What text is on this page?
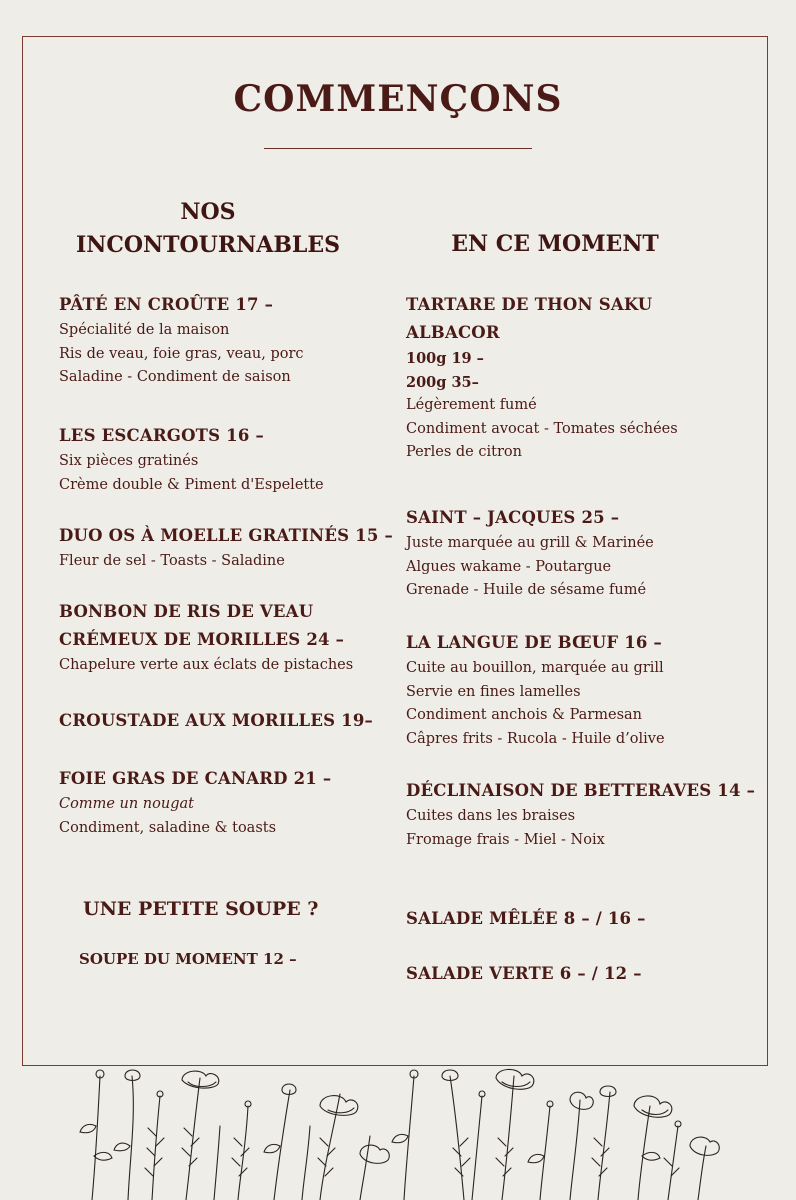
COMMENÇONS
NOS
INCONTOURNABLES
PÂTÉ EN CROÛTE 17 –
Spécialité de la maison
Ris de veau, foie gras, veau, porc
Saladine - Condiment de saison
LES ESCARGOTS 16 –
Six pièces gratinés
Crème double & Piment d'Espelette
DUO OS À MOELLE GRATINÉS 15 –
Fleur de sel - Toasts - Saladine
BONBON DE RIS DE VEAU
CRÉMEUX DE MORILLES 24 –
Chapelure verte aux éclats de pistaches
CROUSTADE AUX MORILLES 19–
FOIE GRAS DE CANARD 21 –
Comme un nougat
Condiment, saladine & toasts
UNE PETITE SOUPE ?
SOUPE DU MOMENT 12 –
EN CE MOMENT
TARTARE DE THON SAKU
ALBACOR
100g 19 –
200g 35–
Légèrement fumé
Condiment avocat - Tomates séchées
Perles de citron
SAINT – JACQUES 25 –
Juste marquée au grill & Marinée
Algues wakame - Poutargue
Grenade - Huile de sésame fumé
LA LANGUE DE BŒUF 16 –
Cuite au bouillon, marquée au grill
Servie en fines lamelles
Condiment anchois & Parmesan
Câpres frits - Rucola - Huile d’olive
DÉCLINAISON DE BETTERAVES 14 –
Cuites dans les braises
Fromage frais - Miel - Noix
SALADE MÊLÉE 8 – / 16 –
SALADE VERTE 6 – / 12 –
